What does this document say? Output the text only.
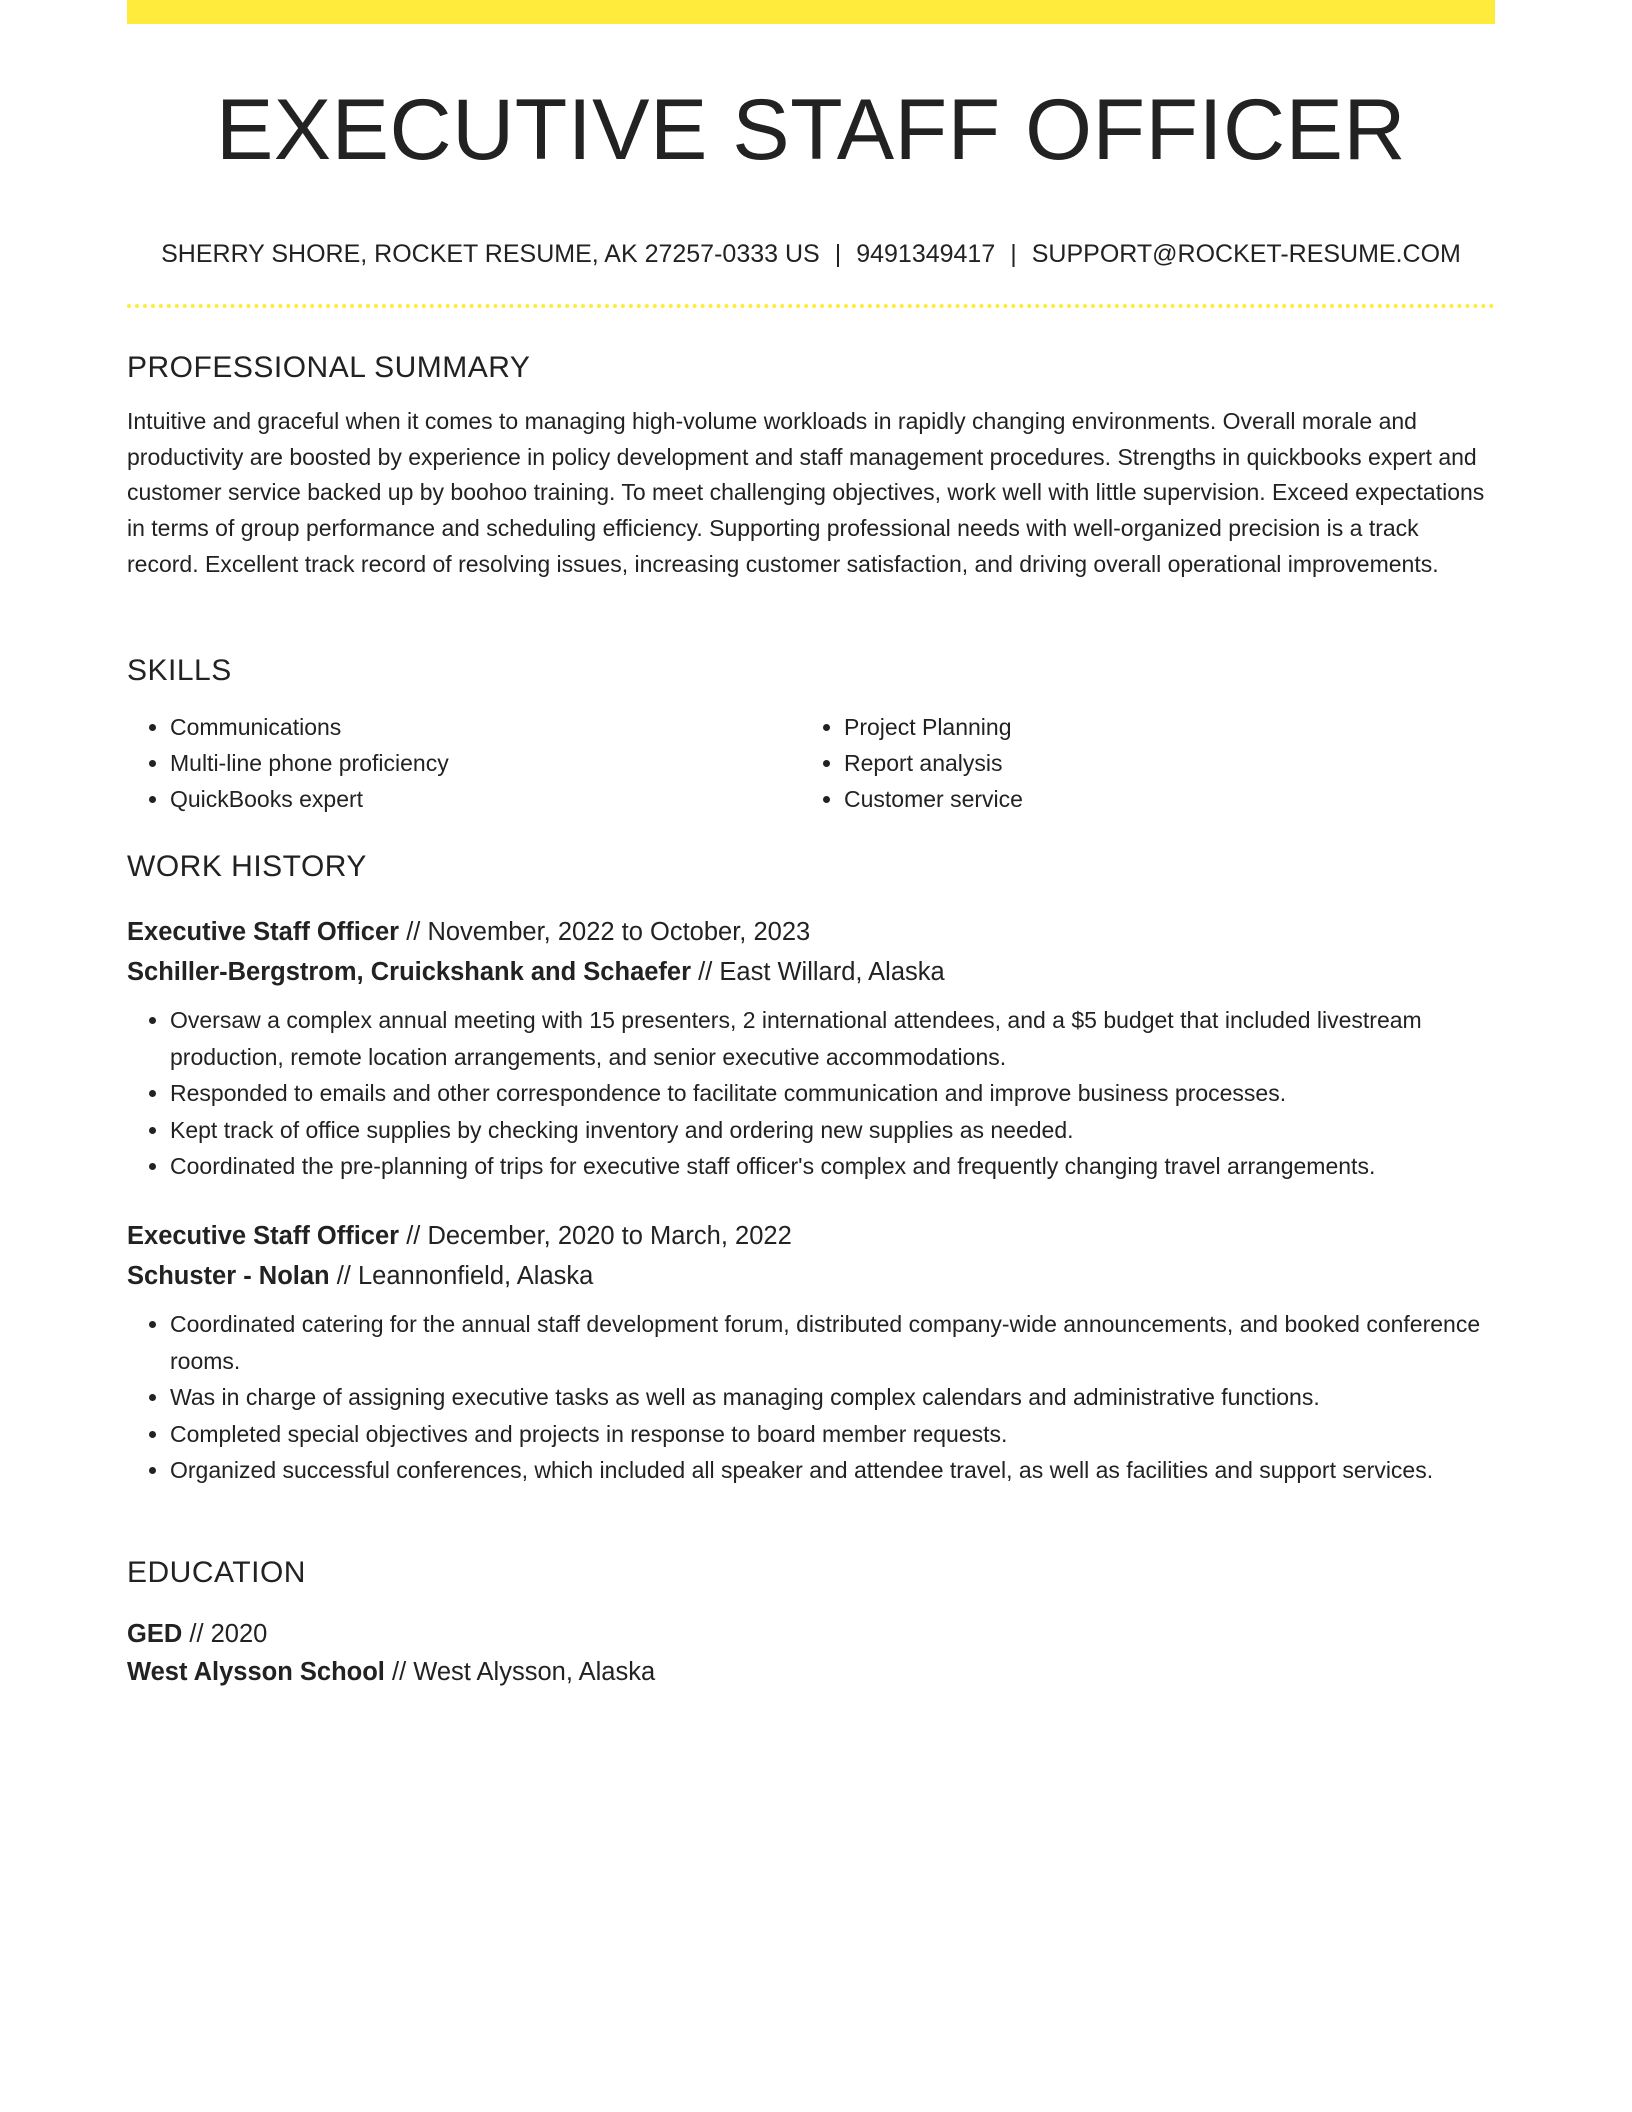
EXECUTIVE STAFF OFFICER
SHERRY SHORE, ROCKET RESUME, AK 27257-0333 US | 9491349417 | SUPPORT@ROCKET-RESUME.COM
PROFESSIONAL SUMMARY

Intuitive and graceful when it comes to managing high-volume workloads in rapidly changing environments. Overall morale and productivity are boosted by experience in policy development and staff management procedures. Strengths in quickbooks expert and customer service backed up by boohoo training. To meet challenging objectives, work well with little supervision. Exceed expectations in terms of group performance and scheduling efficiency. Supporting professional needs with well-organized precision is a track record. Excellent track record of resolving issues, increasing customer satisfaction, and driving overall operational improvements.

SKILLS
• Communications
• Multi-line phone proficiency
• QuickBooks expert
• Project Planning
• Report analysis
• Customer service
WORK HISTORY
Executive Staff Officer // November, 2022 to October, 2023
Schiller-Bergstrom, Cruickshank and Schaefer // East Willard, Alaska
• Oversaw a complex annual meeting with 15 presenters, 2 international attendees, and a $5 budget that included livestream production, remote location arrangements, and senior executive accommodations.
• Responded to emails and other correspondence to facilitate communication and improve business processes.
• Kept track of office supplies by checking inventory and ordering new supplies as needed.
• Coordinated the pre-planning of trips for executive staff officer's complex and frequently changing travel arrangements.
Executive Staff Officer // December, 2020 to March, 2022
Schuster - Nolan // Leannonfield, Alaska
• Coordinated catering for the annual staff development forum, distributed company-wide announcements, and booked conference rooms.
• Was in charge of assigning executive tasks as well as managing complex calendars and administrative functions.
• Completed special objectives and projects in response to board member requests.
• Organized successful conferences, which included all speaker and attendee travel, as well as facilities and support services.
EDUCATION
GED // 2020
West Alysson School // West Alysson, Alaska
